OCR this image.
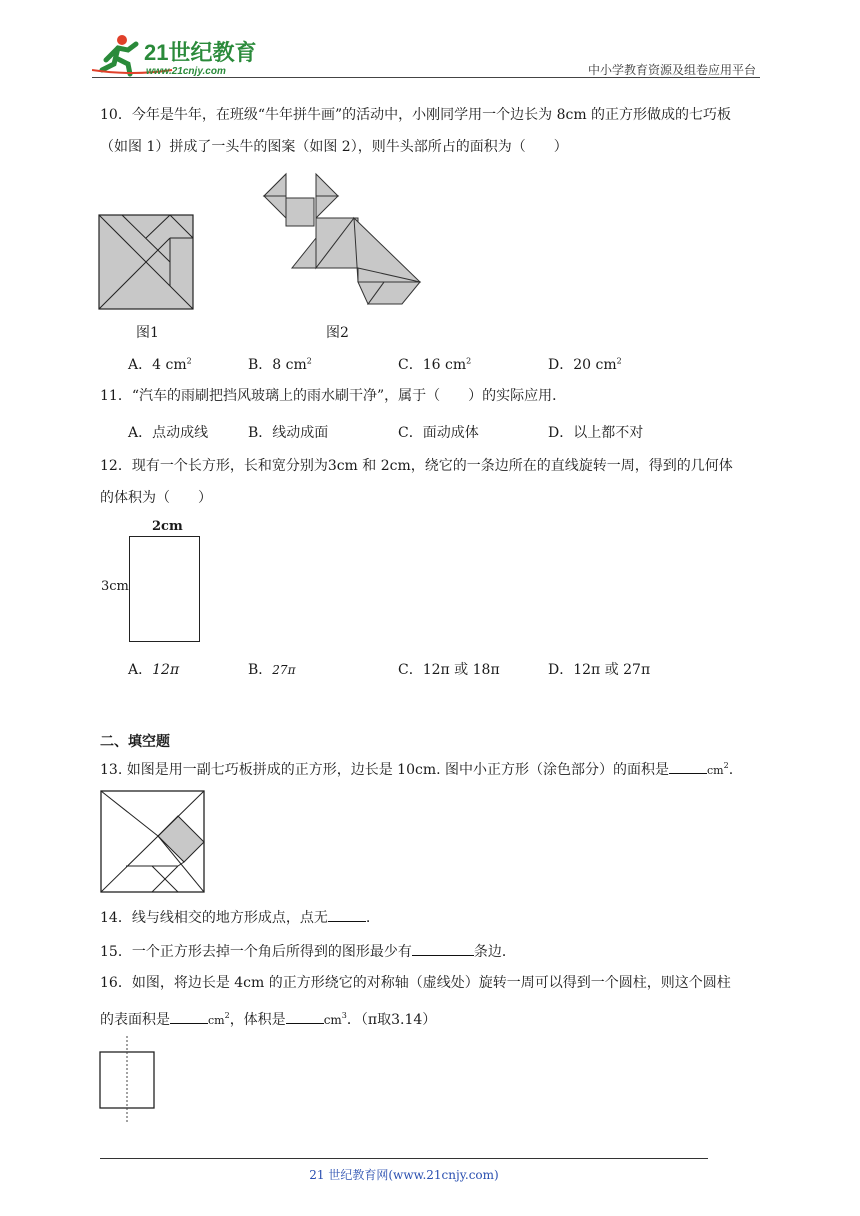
21世纪教育
www.21cnjy.com	中小学教育资源及组卷应用平台
10．今年是牛年，在班级“牛年拼牛画”的活动中，小刚同学用一个边长为 8cm 的正方形做成的七巧板
（如图 1）拼成了一头牛的图案（如图 2），则牛头部所占的面积为（　　）
图1	图2
A．4 $cm^2$	B．8 $cm^2$	C．16 $cm^2$	D．20 $cm^2$
11．“汽车的雨刷把挡风玻璃上的雨水刷干净”，属于（　　）的实际应用．
A．点动成线	B．线动成面	C．面动成体	D．以上都不对
12．现有一个长方形，长和宽分别为3cm 和 2cm，绕它的一条边所在的直线旋转一周，得到的几何体
的体积为（　　）
2cm
3cm
A．12π	B．27π	C．12π 或 18π	D．12π 或 27π
二、填空题
13. 如图是用一副七巧板拼成的正方形，边长是 10cm. 图中小正方形（涂色部分）的面积是	$cm^2$.
14．线与线相交的地方形成点，点无	.
15．一个正方形去掉一个角后所得到的图形最少有	条边．
16．如图，将边长是 4cm 的正方形绕它的对称轴（虚线处）旋转一周可以得到一个圆柱，则这个圆柱
的表面积是	$cm^2$，体积是	$cm^3$．（π取3.14）
21 世纪教育网(www.21cnjy.com)
